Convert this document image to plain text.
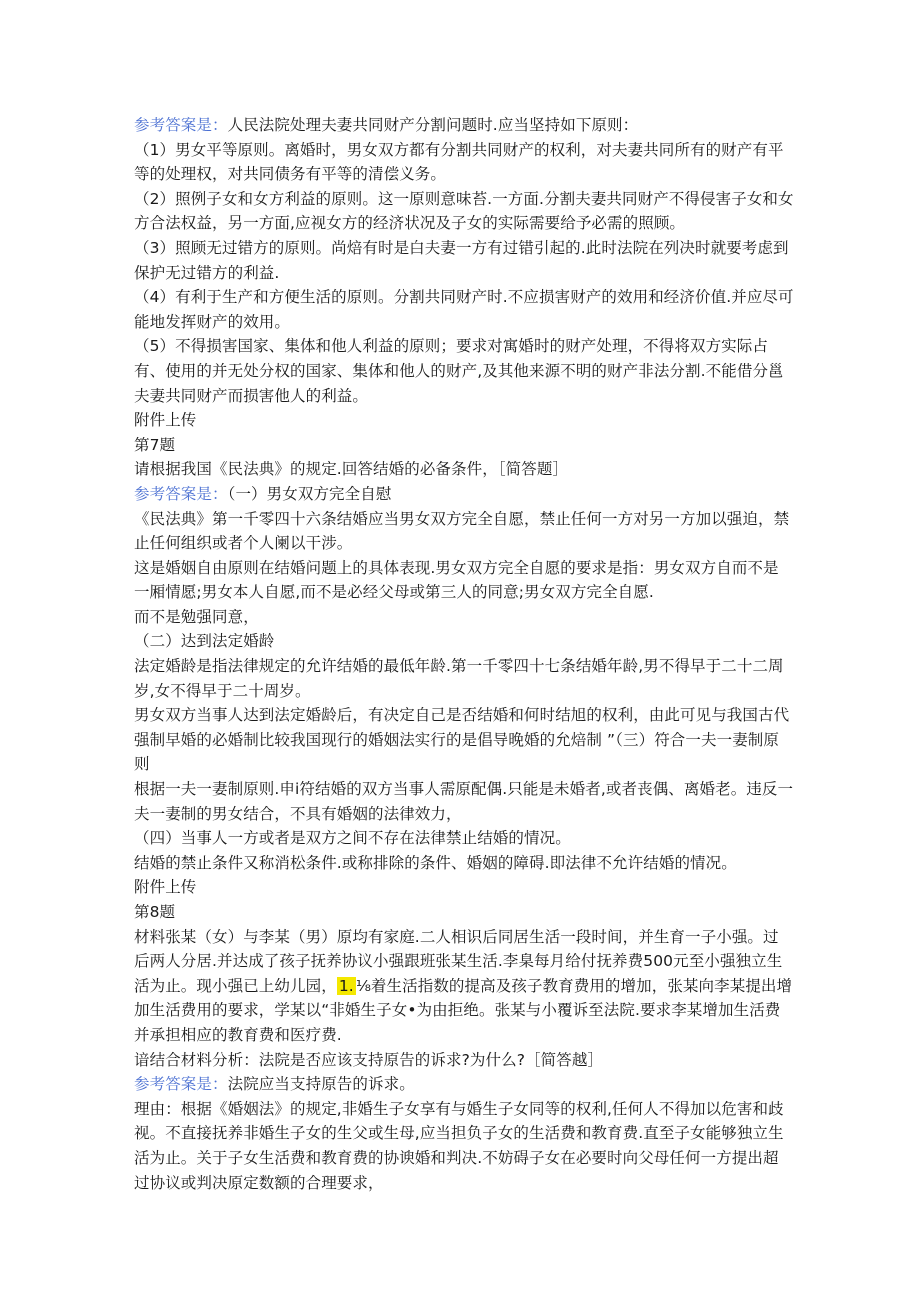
参考答案是：人民法院处理夫妻共同财产分割问题时.应当坚持如下原则：

（1）男女平等原则。离婚时，男女双方都有分割共同财产的权利，对夫妻共同所有的财产有平等的处理权，对共同债务有平等的清偿义务。

（2）照例子女和女方利益的原则。这一原则意味苔.一方面.分割夫妻共同财产不得侵害子女和女方合法权益，另一方面,应视女方的经济状况及子女的实际需要给予必需的照顾。

（3）照顾无过错方的原则。尚焙有时是白夫妻一方有过错引起的.此时法院在列决时就要考虑到保护无过错方的利益.

（4）有利于生产和方便生活的原则。分割共同财产时.不应损害财产的效用和经济价值.并应尽可能地发挥财产的效用。

（5）不得损害国家、集体和他人利益的原则；要求对寓婚时的财产处理，不得将双方实际占有、使用的并无处分权的国家、集体和他人的财产,及其他来源不明的财产非法分割.不能借分邕夫妻共同财产而损害他人的利益。

附件上传

第7题

请根据我国《民法典》的规定.回答结婚的必备条件，［简答题］

参考答案是：（一）男女双方完全自慰

《民法典》第一千零四十六条结婚应当男女双方完全自愿，禁止任何一方对另一方加以强迫，禁止任何组织或者个人阑以干涉。

这是婚姻自由原则在结婚问题上的具体表现.男女双方完全自愿的要求是指：男女双方自而不是一厢情愿;男女本人自愿,而不是必经父母或第三人的同意;男女双方完全自愿.

而不是勉强同意，

（二）达到法定婚龄

法定婚龄是指法律规定的允许结婚的最低年龄.第一千零四十七条结婚年龄,男不得早于二十二周岁,女不得早于二十周岁。

男女双方当事人达到法定婚龄后，有决定自己是否结婚和何时结旭的权利，由此可见与我国古代强制早婚的必婚制比较我国现行的婚姻法实行的是倡导晚婚的允焙制 ”（三）符合一夫一妻制原则

根据一夫一妻制原则.申i符结婚的双方当事人需原配偶.只能是未婚者,或者丧偶、离婚老。违反一夫一妻制的男女结合，不具有婚姻的法律效力，

（四）当事人一方或者是双方之间不存在法律禁止结婚的情况。

结婚的禁止条件又称消松条件.或称排除的条件、婚姻的障碍.即法律不允许结婚的情况。

附件上传

第8题

材料张某（女）与李某（男）原均有家庭.二人相识后同居生活一段时间，并生育一子小强。过后两人分居.并达成了孩子抚养协议小强跟班张某生活.李臬每月给付抚养费500元至小强独立生活为止。现小强已上幼儿园， 1. ⅛着生活指数的提高及孩子教育费用的增加，张某向李某提出增加生活费用的要求，学某以“非婚生子女•为由拒绝。张某与小覆诉至法院.要求李某增加生活费并承担相应的教育费和医疗费.

谙结合材料分析：法院是否应该支持原告的诉求?为什么?［简答越］

参考答案是：法院应当支持原告的诉求。

理由：根据《婚姻法》的规定,非婚生子女享有与婚生子女同等的权利,任何人不得加以危害和歧视。不直接抚养非婚生子女的生父或生母,应当担负子女的生活费和教育费.直至子女能够独立生活为止。关于子女生活费和教育费的协谀婚和判决.不妨碍子女在必要时向父母任何一方提出超过协议或判决原定数额的合理要求，
